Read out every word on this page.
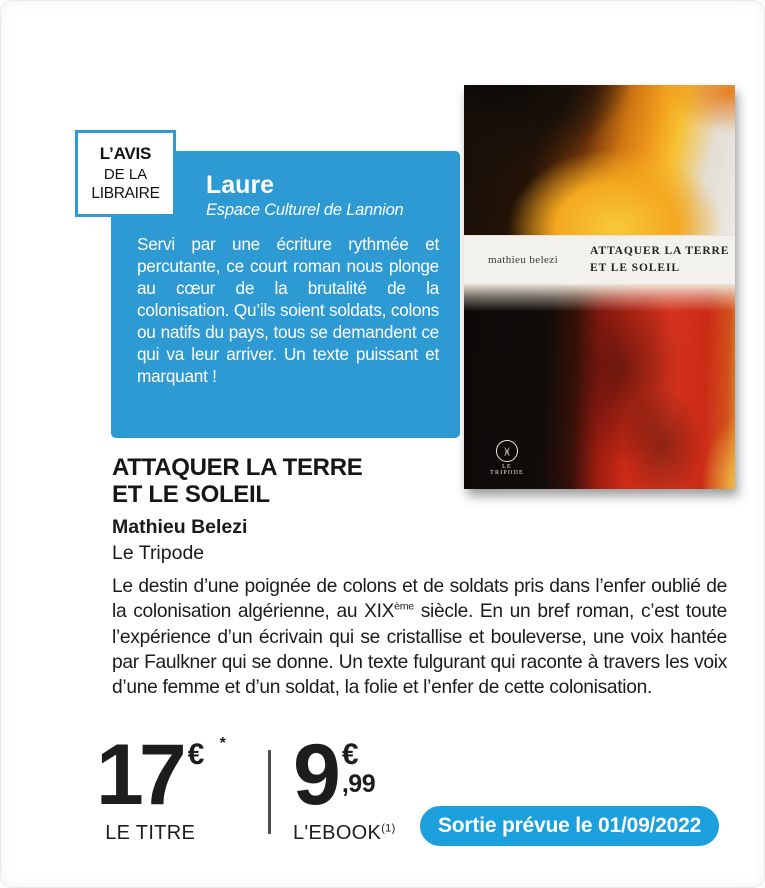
L’AVIS
DE LA
LIBRAIRE Laure
Espace Culturel de Lannion
Servi par une écriture rythmée et percutante, ce court roman nous plonge au cœur de la brutalité de la colonisation. Qu’ils soient soldats, colons ou natifs du pays, tous se demandent ce qui va leur arriver. Un texte puissant et marquant !
mathieu belezi
ATTAQUER LA TERRE
ET LE SOLEIL
)(
LE TRIPODE
ATTAQUER LA TERRE
ET LE SOLEIL
Mathieu Belezi
Le Tripode
Le destin d’une poignée de colons et de soldats pris dans l’enfer oublié de la colonisation algérienne, au XIXème siècle. En un bref roman, c’est toute l’expérience d’un écrivain qui se cristallise et bouleverse, une voix hantée par Faulkner qui se donne. Un texte fulgurant qui raconte à travers les voix d’une femme et d’un soldat, la folie et l’enfer de cette colonisation.
17 € *
LE TITRE
9 €
,99
L'EBOOK$^{(1)}$	Sortie prévue le 01/09/2022
